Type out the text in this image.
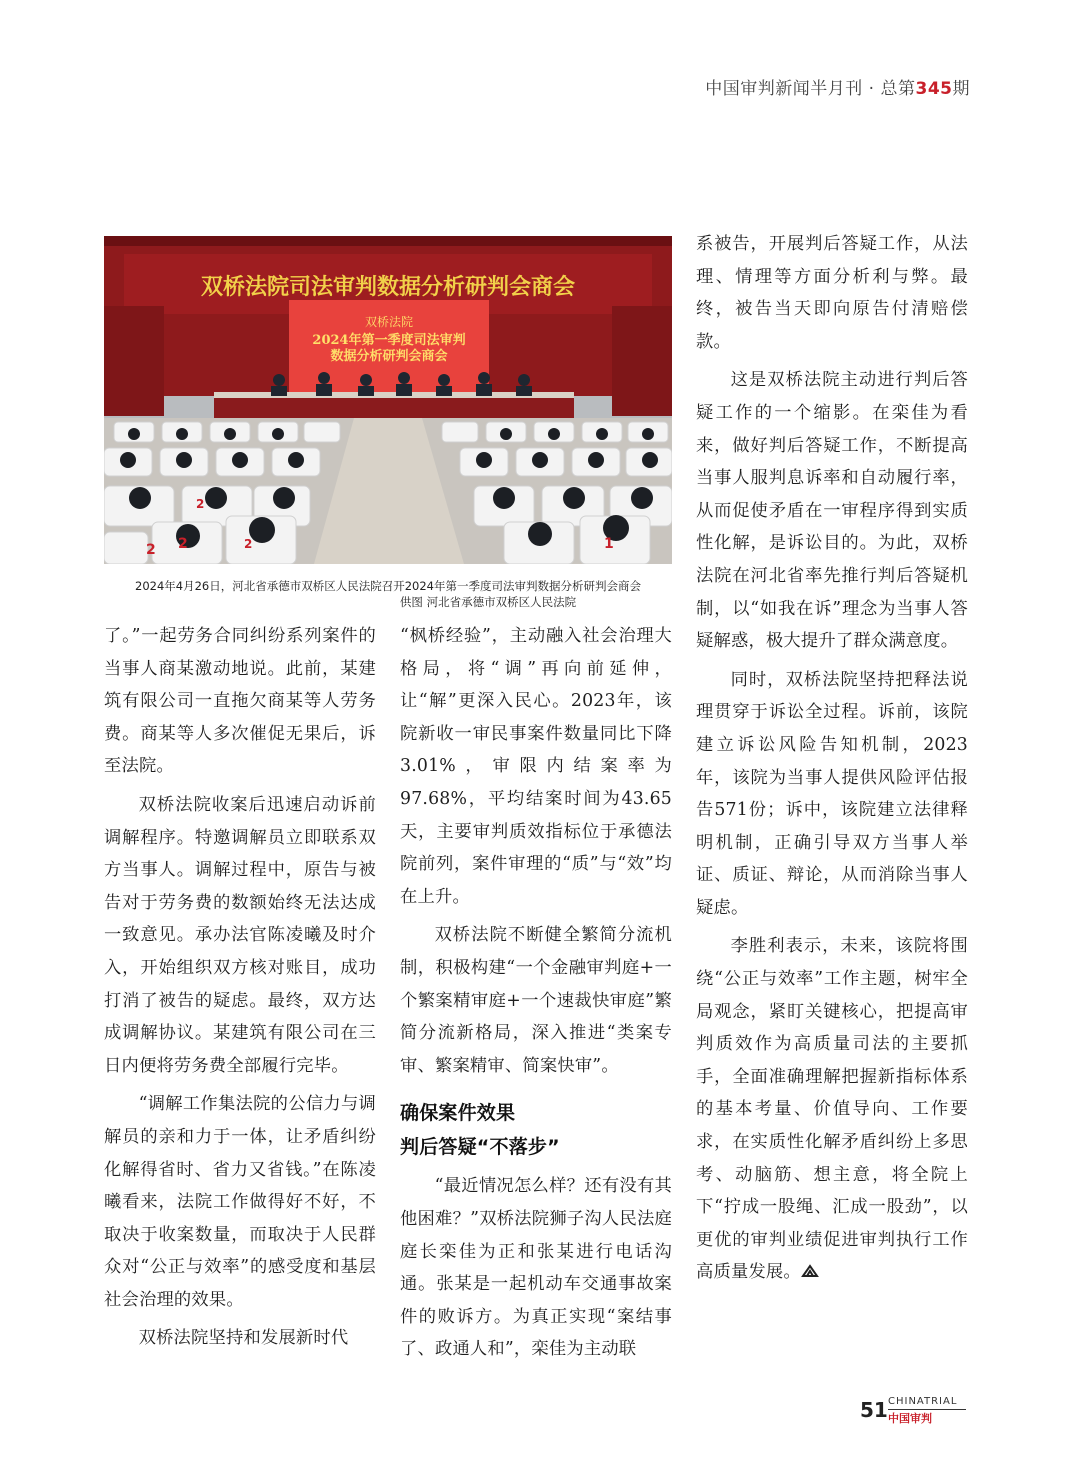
中国审判新闻半月刊 · 总第345期
双桥法院司法审判数据分析研判会商会
双桥法院
2024年第一季度司法审判
数据分析研判会商会
2
2 2	2	1
2024年4月26日，河北省承德市双桥区人民法院召开2024年第一季度司法审判数据分析研判会商会
供图 河北省承德市双桥区人民法院

了。”一起劳务合同纠纷系列案件的当事人商某激动地说。此前，某建筑有限公司一直拖欠商某等人劳务费。商某等人多次催促无果后，诉至法院。

双桥法院收案后迅速启动诉前调解程序。特邀调解员立即联系双方当事人。调解过程中，原告与被告对于劳务费的数额始终无法达成一致意见。承办法官陈凌曦及时介入，开始组织双方核对账目，成功打消了被告的疑虑。最终，双方达成调解协议。某建筑有限公司在三日内便将劳务费全部履行完毕。

“调解工作集法院的公信力与调解员的亲和力于一体，让矛盾纠纷化解得省时、省力又省钱。”在陈凌曦看来，法院工作做得好不好，不取决于收案数量，而取决于人民群众对“公正与效率”的感受度和基层社会治理的效果。

双桥法院坚持和发展新时代

“枫桥经验”，主动融入社会治理大格局，将“调”再向前延伸，让“解”更深入民心。2023年，该院新收一审民事案件数量同比下降3.01%，审限内结案率为97.68%，平均结案时间为43.65天，主要审判质效指标位于承德法院前列，案件审理的“质”与“效”均在上升。

双桥法院不断健全繁简分流机制，积极构建“一个金融审判庭+一个繁案精审庭+一个速裁快审庭”繁简分流新格局，深入推进“类案专审、繁案精审、简案快审”。

确保案件效果
判后答疑“不落步”

“最近情况怎么样？还有没有其他困难？”双桥法院狮子沟人民法庭庭长栾佳为正和张某进行电话沟通。张某是一起机动车交通事故案件的败诉方。为真正实现“案结事了、政通人和”，栾佳为主动联

系被告，开展判后答疑工作，从法理、情理等方面分析利与弊。最终，被告当天即向原告付清赔偿款。

这是双桥法院主动进行判后答疑工作的一个缩影。在栾佳为看来，做好判后答疑工作，不断提高当事人服判息诉率和自动履行率，从而促使矛盾在一审程序得到实质性化解，是诉讼目的。为此，双桥法院在河北省率先推行判后答疑机制，以“如我在诉”理念为当事人答疑解惑，极大提升了群众满意度。

同时，双桥法院坚持把释法说理贯穿于诉讼全过程。诉前，该院建立诉讼风险告知机制，2023年，该院为当事人提供风险评估报告571份；诉中，该院建立法律释明机制，正确引导双方当事人举证、质证、辩论，从而消除当事人疑虑。

李胜利表示，未来，该院将围绕“公正与效率”工作主题，树牢全局观念，紧盯关键核心，把提高审判质效作为高质量司法的主要抓手，全面准确理解把握新指标体系的基本考量、价值导向、工作要求，在实质性化解矛盾纠纷上多思考、动脑筋、想主意，将全院上下“拧成一股绳、汇成一股劲”，以更优的审判业绩促进审判执行工作高质量发展。

51 CHINATRIAL
中国审判
